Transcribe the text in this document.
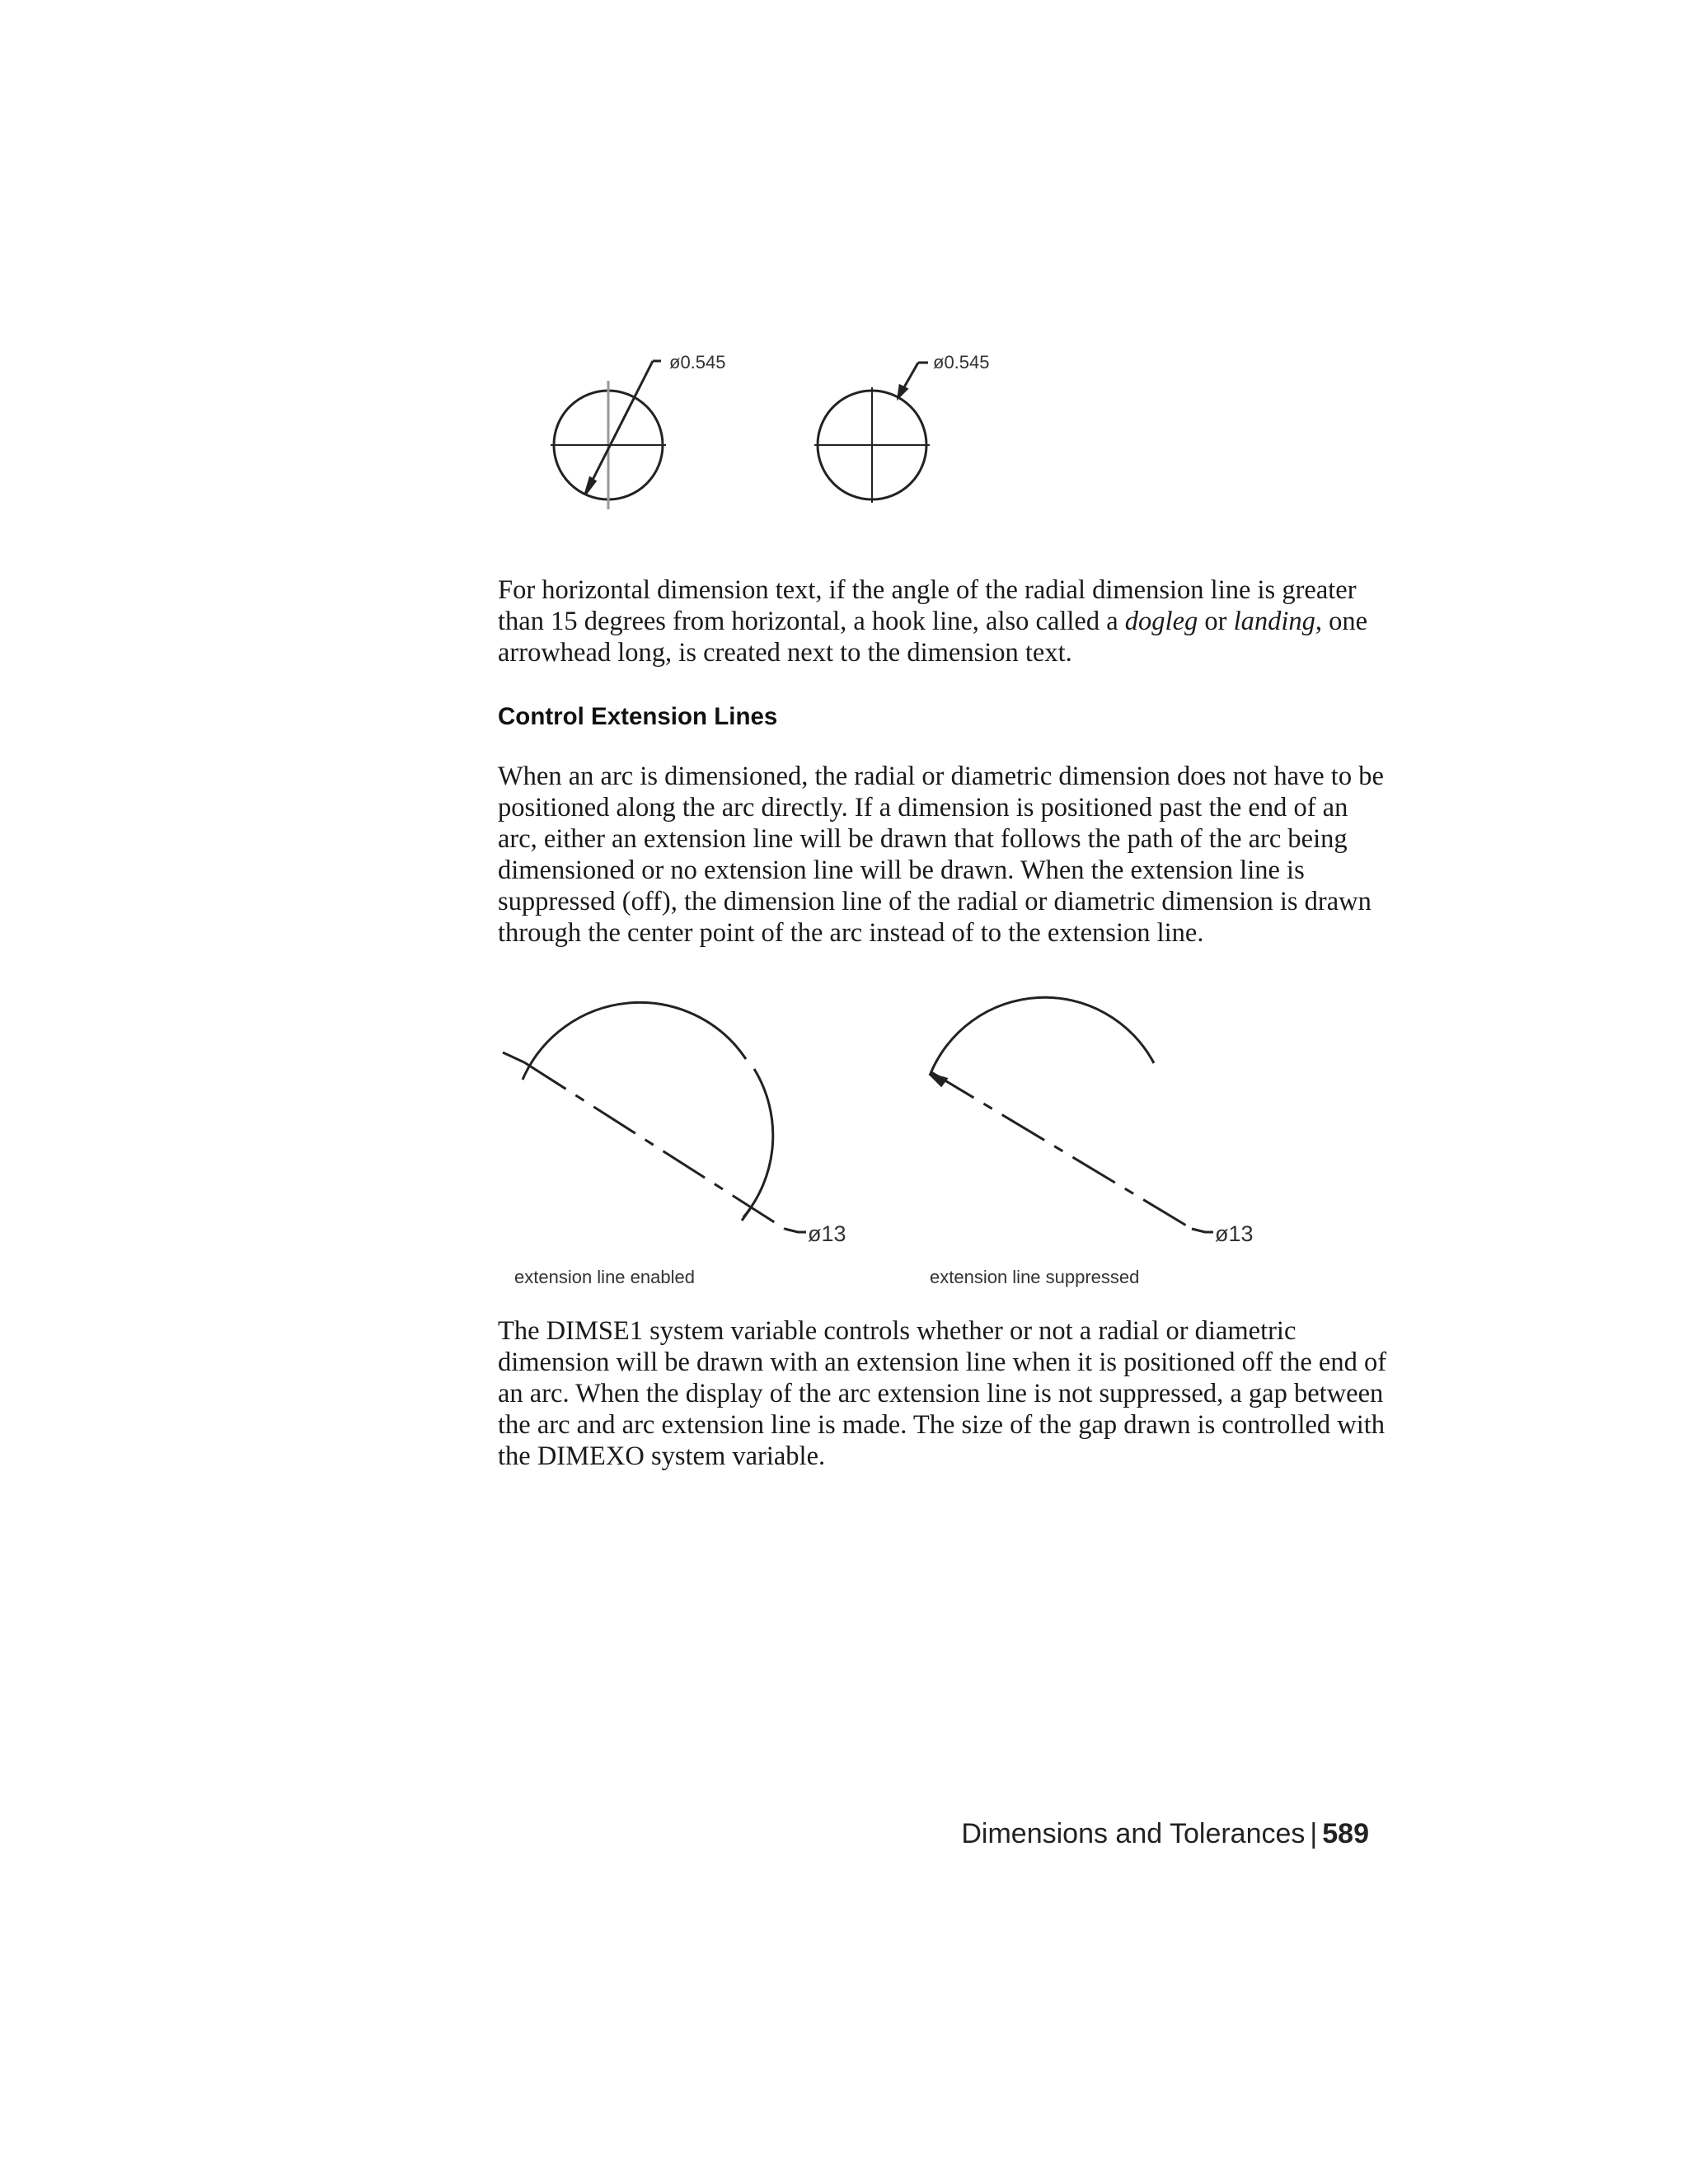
ø0.545	ø0.545

For horizontal dimension text, if the angle of the radial dimension line is greater than 15 degrees from horizontal, a hook line, also called a dogleg or landing, one arrowhead long, is created next to the dimension text.

Control Extension Lines

When an arc is dimensioned, the radial or diametric dimension does not have to be positioned along the arc directly. If a dimension is positioned past the end of an arc, either an extension line will be drawn that follows the path of the arc being dimensioned or no extension line will be drawn. When the extension line is suppressed (off), the dimension line of the radial or diametric dimension is drawn through the center point of the arc instead of to the extension line.

ø13
extension line enabled
ø13
extension line suppressed

The DIMSE1 system variable controls whether or not a radial or diametric dimension will be drawn with an extension line when it is positioned off the end of an arc. When the display of the arc extension line is not suppressed, a gap between the arc and arc extension line is made. The size of the gap drawn is controlled with the DIMEXO system variable.

Dimensions and Tolerances | 589
